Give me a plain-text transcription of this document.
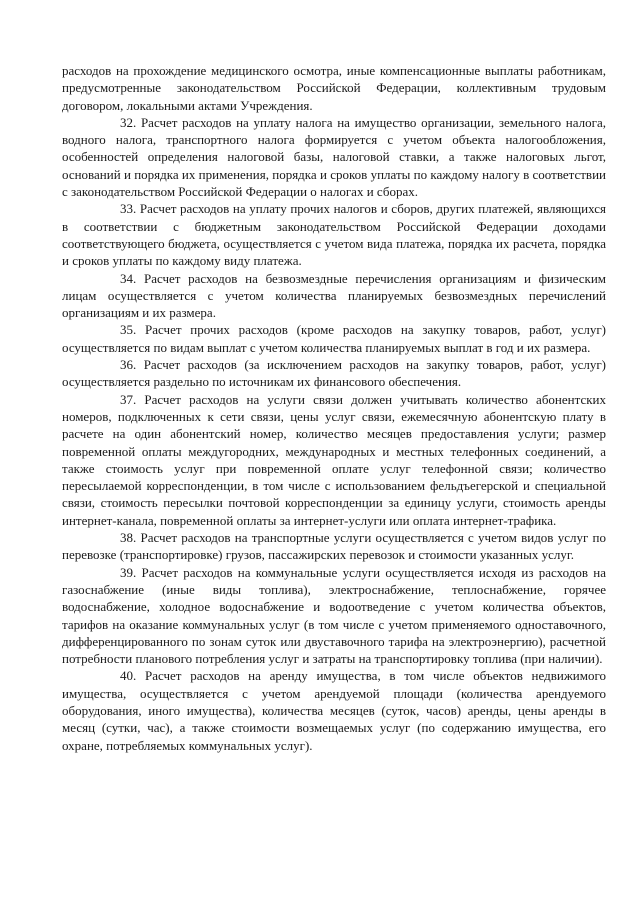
расходов на прохождение медицинского осмотра, иные компенсационные выплаты работникам, предусмотренные законодательством Российской Федерации, коллективным трудовым договором, локальными актами Учреждения.

32. Расчет расходов на уплату налога на имущество организации, земельного налога, водного налога, транспортного налога формируется с учетом объекта налогообложения, особенностей определения налоговой базы, налоговой ставки, а также налоговых льгот, оснований и порядка их применения, порядка и сроков уплаты по каждому налогу в соответствии с законодательством Российской Федерации о налогах и сборах.

33. Расчет расходов на уплату прочих налогов и сборов, других платежей, являющихся в соответствии с бюджетным законодательством Российской Федерации доходами соответствующего бюджета, осуществляется с учетом вида платежа, порядка их расчета, порядка и сроков уплаты по каждому виду платежа.

34. Расчет расходов на безвозмездные перечисления организациям и физическим лицам осуществляется с учетом количества планируемых безвозмездных перечислений организациям и их размера.

35. Расчет прочих расходов (кроме расходов на закупку товаров, работ, услуг) осуществляется по видам выплат с учетом количества планируемых выплат в год и их размера.

36. Расчет расходов (за исключением расходов на закупку товаров, работ, услуг) осуществляется раздельно по источникам их финансового обеспечения.

37. Расчет расходов на услуги связи должен учитывать количество абонентских номеров, подключенных к сети связи, цены услуг связи, ежемесячную абонентскую плату в расчете на один абонентский номер, количество месяцев предоставления услуги; размер повременной оплаты междугородних, международных и местных телефонных соединений, а также стоимость услуг при повременной оплате услуг телефонной связи; количество пересылаемой корреспонденции, в том числе с использованием фельдъегерской и специальной связи, стоимость пересылки почтовой корреспонденции за единицу услуги, стоимость аренды интернет-канала, повременной оплаты за интернет-услуги или оплата интернет-трафика.

38. Расчет расходов на транспортные услуги осуществляется с учетом видов услуг по перевозке (транспортировке) грузов, пассажирских перевозок и стоимости указанных услуг.

39. Расчет расходов на коммунальные услуги осуществляется исходя из расходов на газоснабжение (иные виды топлива), электроснабжение, теплоснабжение, горячее водоснабжение, холодное водоснабжение и водоотведение с учетом количества объектов, тарифов на оказание коммунальных услуг (в том числе с учетом применяемого одноставочного, дифференцированного по зонам суток или двуставочного тарифа на электроэнергию), расчетной потребности планового потребления услуг и затраты на транспортировку топлива (при наличии).

40. Расчет расходов на аренду имущества, в том числе объектов недвижимого имущества, осуществляется с учетом арендуемой площади (количества арендуемого оборудования, иного имущества), количества месяцев (суток, часов) аренды, цены аренды в месяц (сутки, час), а также стоимости возмещаемых услуг (по содержанию имущества, его охране, потребляемых коммунальных услуг).
